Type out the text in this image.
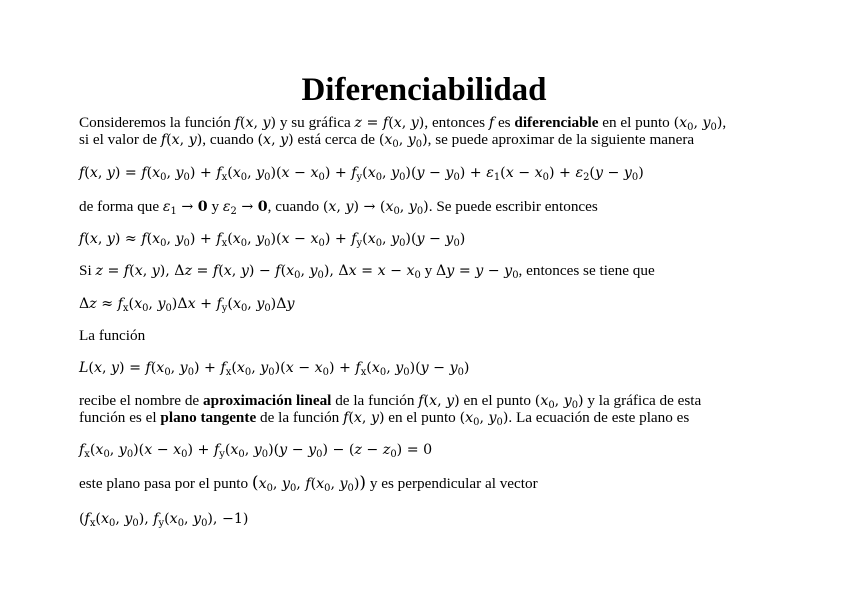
Diferenciabilidad
Consideremos la función f(x, y) y su gráfica z = f(x, y), entonces f es diferenciable en el punto ($x_0$, $y_0$),
si el valor de f(x, y), cuando (x, y) está cerca de ($x_0$, $y_0$), se puede aproximar de la siguiente manera
f(x, $y) = f(x_0$, $y_0) + f_x(x_0$, $y_0)(x - x_0) + f_y(x_0$, $y_0)(y - y_0) + \varepsilon_1(x - x_0) + \varepsilon_2(y - y_0)$
de forma que $\varepsilon_1 \to 0$ y $\varepsilon_2 \to 0$, cuando (x, $y) \to (x_0$, $y_0$). Se puede escribir entonces
f(x, $y) \approx f(x_0$, $y_0) + f_x(x_0$, $y_0)(x - x_0) + f_y(x_0$, $y_0)(y - y_0)$
Si z = f(x, y), Δz = f(x, $y) - f(x_0$, $y_0$), $\Delta x = x - x_0$ y $\Delta y = y - y_0$, entonces se tiene que
$\Delta z \approx f_x(x_0$, $y_0)\Delta x + f_y(x_0$, $y_0)\Delta y$
La función
L(x, $y) = f(x_0$, $y_0) + f_x(x_0$, $y_0)(x - x_0) + f_x(x_0$, $y_0)(y - y_0)$
recibe el nombre de aproximación lineal de la función f(x, y) en el punto ($x_0$, $y_0$) y la gráfica de esta
función es el plano tangente de la función f(x, y) en el punto ($x_0$, $y_0$). La ecuación de este plano es
$f_x(x_0$, $y_0)(x - x_0) + f_y(x_0$, $y_0)(y - y_0) - (z - z_0) = 0$
este plano pasa por el punto ($x_0$, $y_0$, $f(x_0$, $y_0$)) y es perpendicular al vector
($f_x(x_0$, $y_0$), $f_y(x_0$, $y_0$), −1)
